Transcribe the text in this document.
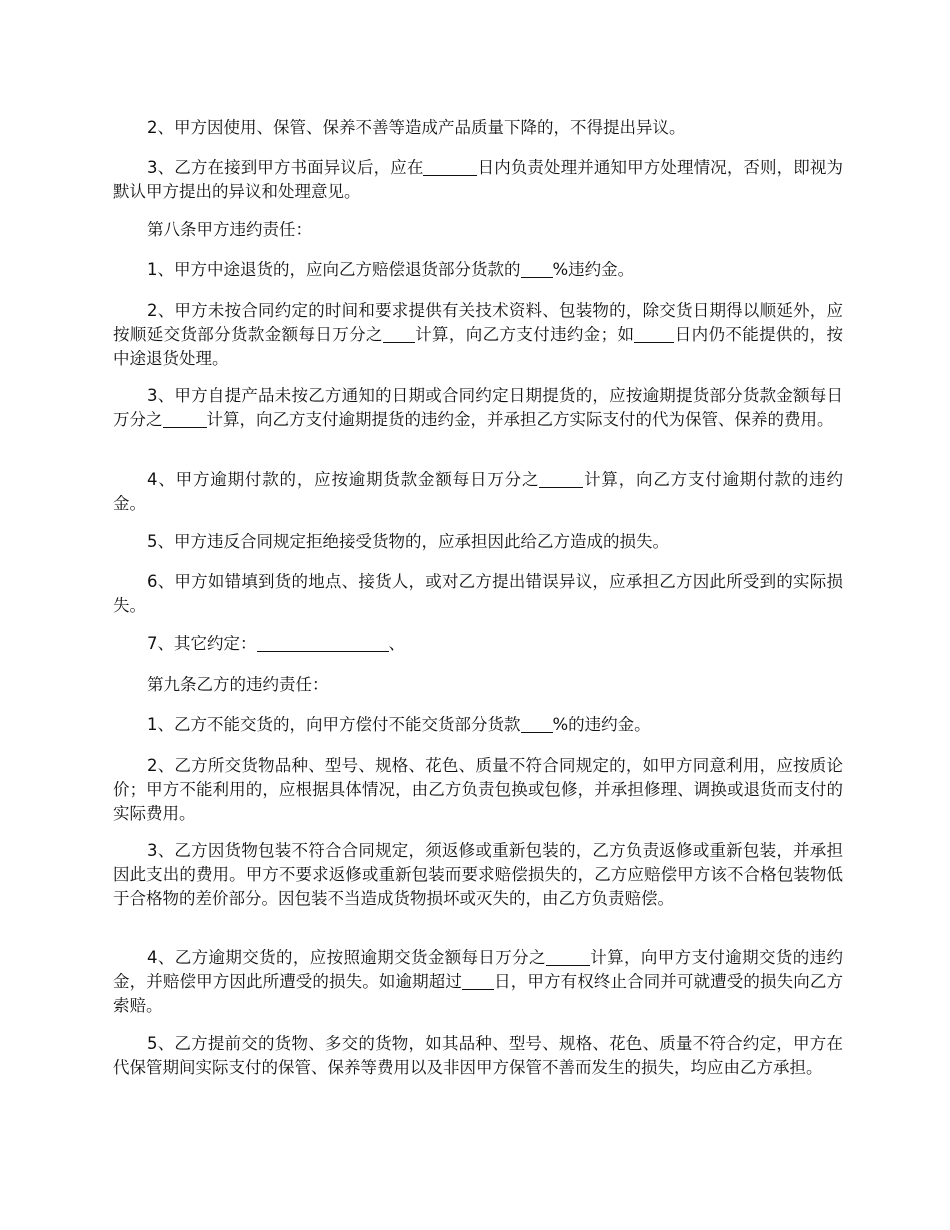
2、甲方因使用、保管、保养不善等造成产品质量下降的，不得提出异议。

3、乙方在接到甲方书面异议后，应在	日内负责处理并通知甲方处理情况，否则，即视为默认甲方提出的异议和处理意见。

第八条甲方违约责任：

1、甲方中途退货的，应向乙方赔偿退货部分货款的 %违约金。

2、甲方未按合同约定的时间和要求提供有关技术资料、包装物的，除交货日期得以顺延外，应按顺延交货部分货款金额每日万分之 计算，向乙方支付违约金；如 日内仍不能提供的，按中途退货处理。

3、甲方自提产品未按乙方通知的日期或合同约定日期提货的，应按逾期提货部分货款金额每日万分之	计算，向乙方支付逾期提货的违约金，并承担乙方实际支付的代为保管、保养的费用。

4、甲方逾期付款的，应按逾期货款金额每日万分之	计算，向乙方支付逾期付款的违约金。

5、甲方违反合同规定拒绝接受货物的，应承担因此给乙方造成的损失。

6、甲方如错填到货的地点、接货人，或对乙方提出错误异议，应承担乙方因此所受到的实际损失。

7、其它约定：	、

第九条乙方的违约责任：

1、乙方不能交货的，向甲方偿付不能交货部分货款 %的违约金。

2、乙方所交货物品种、型号、规格、花色、质量不符合同规定的，如甲方同意利用，应按质论价；甲方不能利用的，应根据具体情况，由乙方负责包换或包修，并承担修理、调换或退货而支付的实际费用。

3、乙方因货物包装不符合合同规定，须返修或重新包装的，乙方负责返修或重新包装，并承担因此支出的费用。甲方不要求返修或重新包装而要求赔偿损失的，乙方应赔偿甲方该不合格包装物低于合格物的差价部分。因包装不当造成货物损坏或灭失的，由乙方负责赔偿。

4、乙方逾期交货的，应按照逾期交货金额每日万分之	计算，向甲方支付逾期交货的违约金，并赔偿甲方因此所遭受的损失。如逾期超过 日，甲方有权终止合同并可就遭受的损失向乙方索赔。

5、乙方提前交的货物、多交的货物，如其品种、型号、规格、花色、质量不符合约定，甲方在代保管期间实际支付的保管、保养等费用以及非因甲方保管不善而发生的损失，均应由乙方承担。
